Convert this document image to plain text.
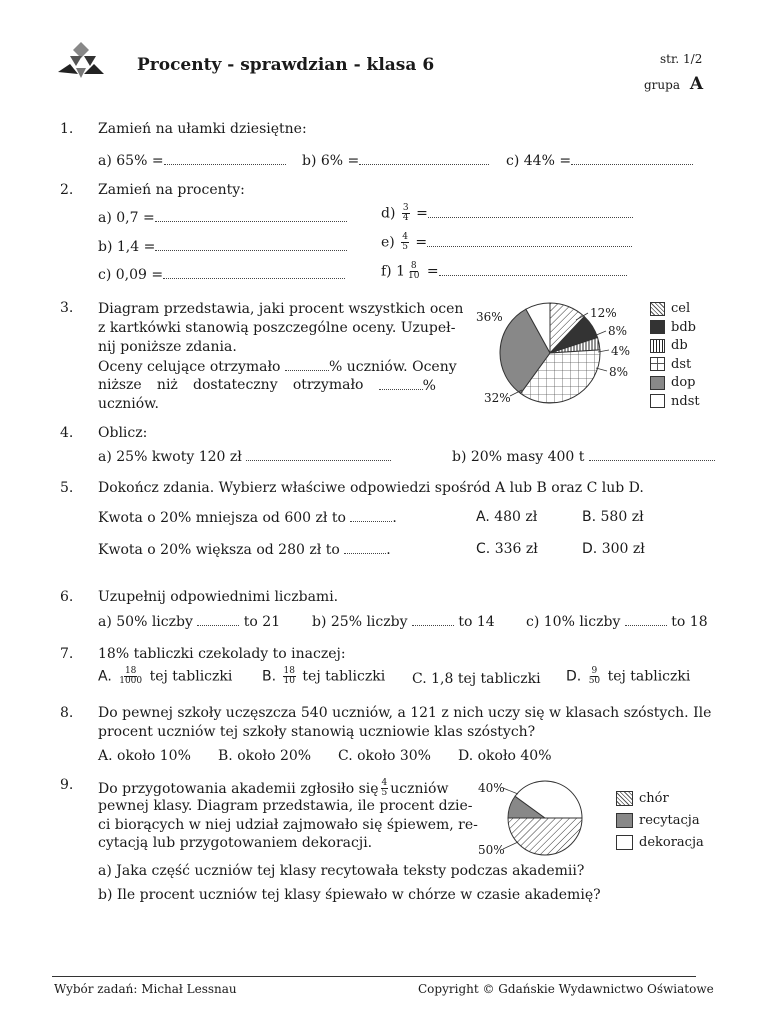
Procenty - sprawdzian - klasa 6	str. 1/2
grupa A
1. Zamień na ułamki dziesiętne:
a) 65% =	b) 6% =	c) 44% =
2. Zamień na procenty:
a) 0,7 =
b) 1,4 =
c) 0,09 =
$d) \frac{3}{4}$ =
$e) \frac{4}{5}$ =
f) $1 \frac{8}{10}$ =
3. Diagram przedstawia, jaki procent wszystkich ocen
z kartkówki stanowią poszczególne oceny. Uzupeł-
nij poniższe zdania.
Oceny celujące otrzymało	% uczniów. Oceny
niższe niż dostateczny otrzymało	%
uczniów.
36%	12%
8%
4%
8%
32%
cel
bdb
db
dst
dop
ndst
4. Oblicz:
a) 25% kwoty 120 zł	b) 20% masy 400 t
5. Dokończ zdania. Wybierz właściwe odpowiedzi spośród A lub B oraz C lub D.
Kwota o 20% mniejsza od 600 zł to	.
Kwota o 20% większa od 280 zł to	.
A. 480 zł	B. 580 zł
C. 336 zł	D. 300 zł
6. Uzupełnij odpowiednimi liczbami.
a) 50% liczby	to 21 b) 25% liczby	to 14 c) 10% liczby	to 18
7. 18% tabliczki czekolady to inaczej:
A. $\frac{18}{1000}$ tej tabliczki B. $\frac{18}{10}$ tej tabliczki C. 1,8 tej tabliczki D. $\frac{9}{50}$ tej tabliczki
8. Do pewnej szkoły uczęszcza 540 uczniów, a 121 z nich uczy się w klasach szóstych. Ile
procent uczniów tej szkoły stanowią uczniowie klas szóstych?
A. około 10% B. około 20% C. około 30% D. około 40%
9. Do przygotowania akademii zgłosiło się $\frac{4}{5}$ uczniów
pewnej klasy. Diagram przedstawia, ile procent dzie-
ci biorących w niej udział zajmowało się śpiewem, re-
cytacją lub przygotowaniem dekoracji.
a) Jaka część uczniów tej klasy recytowała teksty podczas akademii?
b) Ile procent uczniów tej klasy śpiewało w chórze w czasie akademię?
40%
50%
chór
recytacja
dekoracja
Wybór zadań: Michał Lessnau	Copyright © Gdańskie Wydawnictwo Oświatowe
